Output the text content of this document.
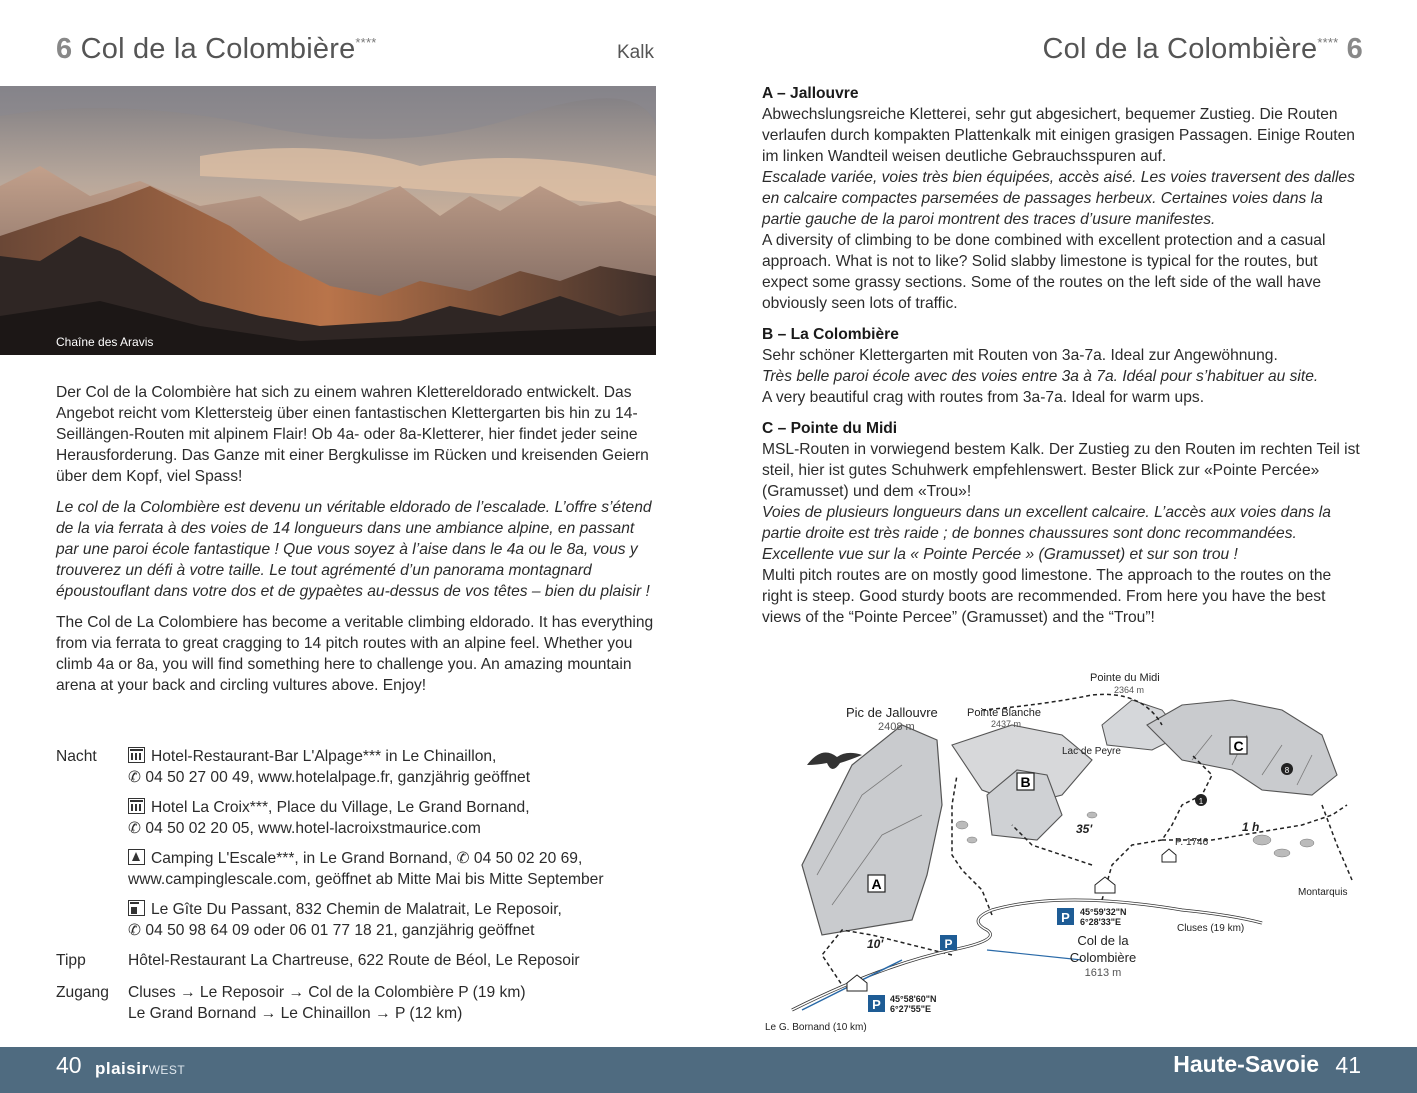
6 Col de la Colombière****	Kalk
Chaîne des Aravis

Der Col de la Colombière hat sich zu einem wahren Klettereldorado entwickelt. Das Angebot reicht vom Klettersteig über einen fantastischen Klettergarten bis hin zu 14-Seillängen-Routen mit alpinem Flair! Ob 4a- oder 8a-Kletterer, hier findet jeder seine Herausforderung. Das Ganze mit einer Bergkulisse im Rücken und kreisenden Geiern über dem Kopf, viel Spass!

Le col de la Colombière est devenu un véritable eldorado de l’escalade. L’offre s’étend de la via ferrata à des voies de 14 longueurs dans une ambiance alpine, en passant par une paroi école fantastique ! Que vous soyez à l’aise dans le 4a ou le 8a, vous y trouverez un défi à votre taille. Le tout agrémenté d’un panorama montagnard époustouflant dans votre dos et de gypaètes au-dessus de vos têtes – bien du plaisir !

The Col de La Colombiere has become a veritable climbing eldorado. It has everything from via ferrata to great cragging to 14 pitch routes with an alpine feel. Whether you climb 4a or 8a, you will find something here to challenge you. An amazing mountain arena at your back and circling vultures above. Enjoy!

Nacht	Hotel-Restaurant-Bar L'Alpage*** in Le Chinaillon,
✆ 04 50 27 00 49, www.hotelalpage.fr, ganzjährig geöffnet
Hotel La Croix***, Place du Village, Le Grand Bornand,
✆ 04 50 02 20 05, www.hotel-lacroixstmaurice.com
Camping L'Escale***, in Le Grand Bornand, ✆ 04 50 02 20 69,
www.campinglescale.com, geöffnet ab Mitte Mai bis Mitte September
Le Gîte Du Passant, 832 Chemin de Malatrait, Le Reposoir,
✆ 04 50 98 64 09 oder 06 01 77 18 21, ganzjährig geöffnet
Tipp	Hôtel-Restaurant La Chartreuse, 622 Route de Béol, Le Reposoir
Zugang	Cluses → Le Reposoir → Col de la Colombière P (19 km)
Le Grand Bornand → Le Chinaillon → P (12 km)
Col de la Colombière**** 6
A – Jallouvre
Abwechslungsreiche Kletterei, sehr gut abgesichert, bequemer Zustieg. Die Routen verlaufen durch kompakten Plattenkalk mit einigen grasigen Passagen. Einige Routen im linken Wandteil weisen deutliche Gebrauchsspuren auf.
Escalade variée, voies très bien équipées, accès aisé. Les voies traversent des dalles en calcaire compactes parsemées de passages herbeux. Certaines voies dans la partie gauche de la paroi montrent des traces d’usure manifestes.
A diversity of climbing to be done combined with excellent protection and a casual approach. What is not to like? Solid slabby limestone is typical for the routes, but expect some grassy sections. Some of the routes on the left side of the wall have obviously seen lots of traffic.
B – La Colombière
Sehr schöner Klettergarten mit Routen von 3a-7a. Ideal zur Angewöhnung.
Très belle paroi école avec des voies entre 3a à 7a. Idéal pour s’habituer au site.
A very beautiful crag with routes from 3a-7a. Ideal for warm ups.
C – Pointe du Midi
MSL-Routen in vorwiegend bestem Kalk. Der Zustieg zu den Routen im rechten Teil ist steil, hier ist gutes Schuhwerk empfehlenswert. Bester Blick zur «Pointe Percée» (Gramusset) und dem «Trou»!
Voies de plusieurs longueurs dans un excellent calcaire. L’accès aux voies dans la partie droite est très raide ; de bonnes chaussures sont donc recommandées. Excellente vue sur la « Pointe Percée » (Gramusset) et sur son trou !
Multi pitch routes are on mostly good limestone. The approach to the routes on the right is steep. Good sturdy boots are recommended. From here you have the best views of the “Pointe Percee” (Gramusset) and the “Trou”!
A
B
C
1
8
Pointe du Midi
2364 m
Pic de Jallouvre
2408 m
Pointe Blanche
2437 m
Lac de Peyre
35'	1 h
10'
P. 1746
Montarquis
45°59'32"N
6°28'33"E
Cluses (19 km)
Col de la
Colombière
1613 m
45°58'60"N
6°27'55"E
Le G. Bornand (10 km)
P
P
P
40 plaisirWEST	Haute-Savoie 41
